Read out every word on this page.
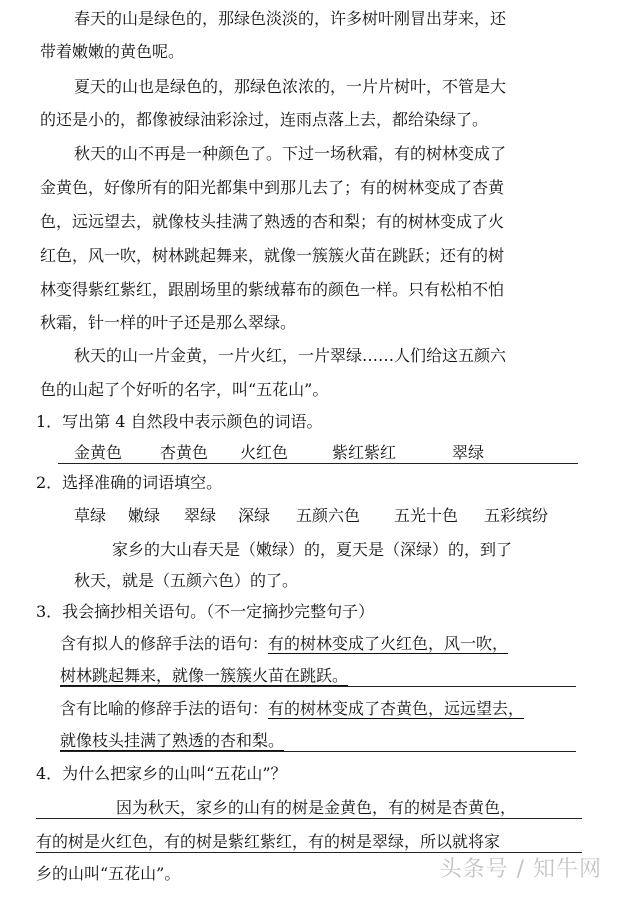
春天的山是绿色的，那绿色淡淡的，许多树叶刚冒出芽来，还
带着嫩嫩的黄色呢。
夏天的山也是绿色的，那绿色浓浓的，一片片树叶，不管是大
的还是小的，都像被绿油彩涂过，连雨点落上去，都给染绿了。
秋天的山不再是一种颜色了。下过一场秋霜，有的树林变成了
金黄色，好像所有的阳光都集中到那儿去了；有的树林变成了杏黄
色，远远望去，就像枝头挂满了熟透的杏和梨；有的树林变成了火
红色，风一吹，树林跳起舞来，就像一簇簇火苗在跳跃；还有的树
林变得紫红紫红，跟剧场里的紫绒幕布的颜色一样。只有松柏不怕
秋霜，针一样的叶子还是那么翠绿。
秋天的山一片金黄，一片火红，一片翠绿……人们给这五颜六
色的山起了个好听的名字，叫“五花山”。
1．写出第 4 自然段中表示颜色的词语。
金黄色 杏黄色 火红色	紫红紫红	翠绿
2．选择准确的词语填空。
草绿 嫩绿 翠绿 深绿 五颜六色 五光十色 五彩缤纷
家乡的大山春天是（嫩绿）的，夏天是（深绿）的，到了
秋天，就是（五颜六色）的了。
3．我会摘抄相关语句。（不一定摘抄完整句子）
含有拟人的修辞手法的语句：有的树林变成了火红色，风一吹，
树林跳起舞来，就像一簇簇火苗在跳跃。
含有比喻的修辞手法的语句：有的树林变成了杏黄色，远远望去，
就像枝头挂满了熟透的杏和梨。
4．为什么把家乡的山叫“五花山”？
因为秋天，家乡的山有的树是金黄色，有的树是杏黄色，
有的树是火红色，有的树是紫红紫红，有的树是翠绿，所以就将家
乡的山叫“五花山”。	头条号 / 知牛网
